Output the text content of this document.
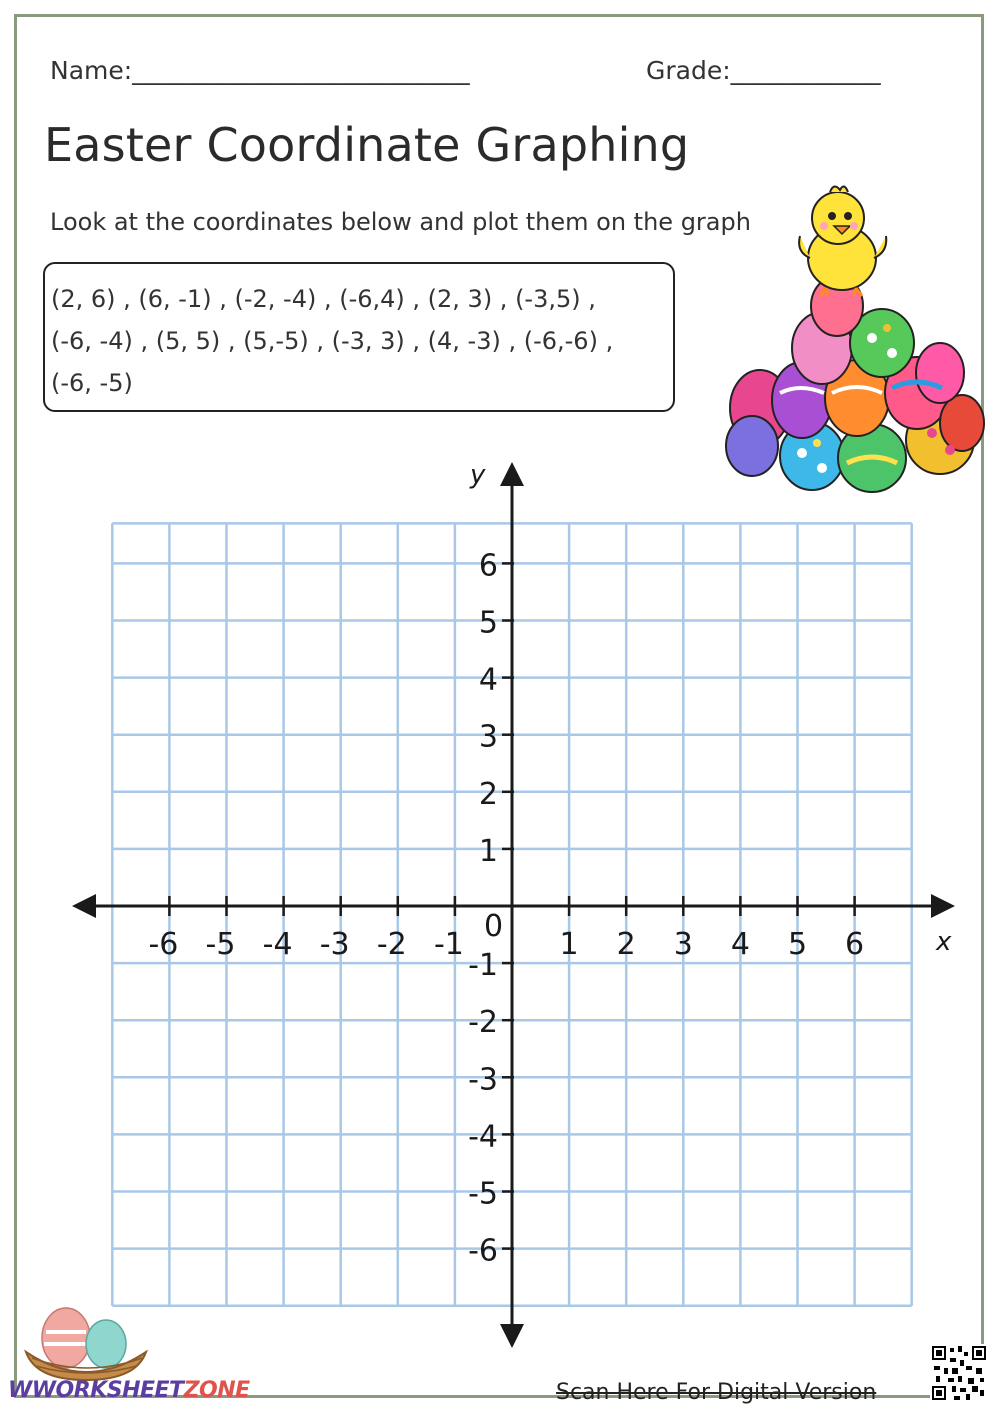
Name:___________________________	Grade:____________
Easter Coordinate Graphing
Look at the coordinates below and plot them on the graph
(2, 6) , (6, -1) , (-2, -4) , (-6,4) , (2, 3) , (-3,5) ,
(-6, -4) , (5, 5) , (5,-5) , (-3, 3) , (4, -3) , (-6,-6) ,
(-6, -5)
-6 -5 -4 -3 -2 -1	1 2 3 4 5 6
-6
-5
-4
-3
-2
-1
1
2
3
4
5
6
x
y
0
WWORKSHEETZONE	Scan Here For Digital Version
